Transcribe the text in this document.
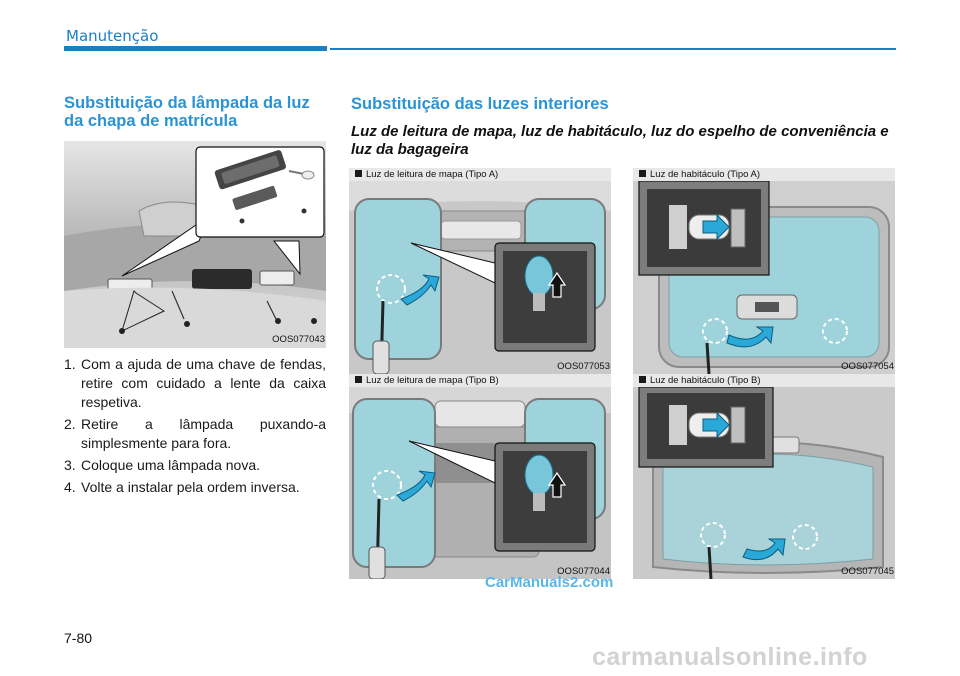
Manutenção
Substituição da lâmpada da luz da chapa de matrícula
OOS077043
1. Com a ajuda de uma chave de fendas, retire com cuidado a lente da caixa respetiva.
2. Retire a lâmpada puxando-a simplesmente para fora.
3. Coloque uma lâmpada nova.
4. Volte a instalar pela ordem inversa.
Substituição das luzes interiores
Luz de leitura de mapa, luz de habitáculo, luz do espelho de conveniência e luz da bagageira
Luz de leitura de mapa (Tipo A)
OOS077053
Luz de habitáculo (Tipo A)
OOS077054
Luz de leitura de mapa (Tipo B)
OOS077044
Luz de habitáculo (Tipo B)
OOS077045
CarManuals2.com
7-80
carmanualsonline.info
